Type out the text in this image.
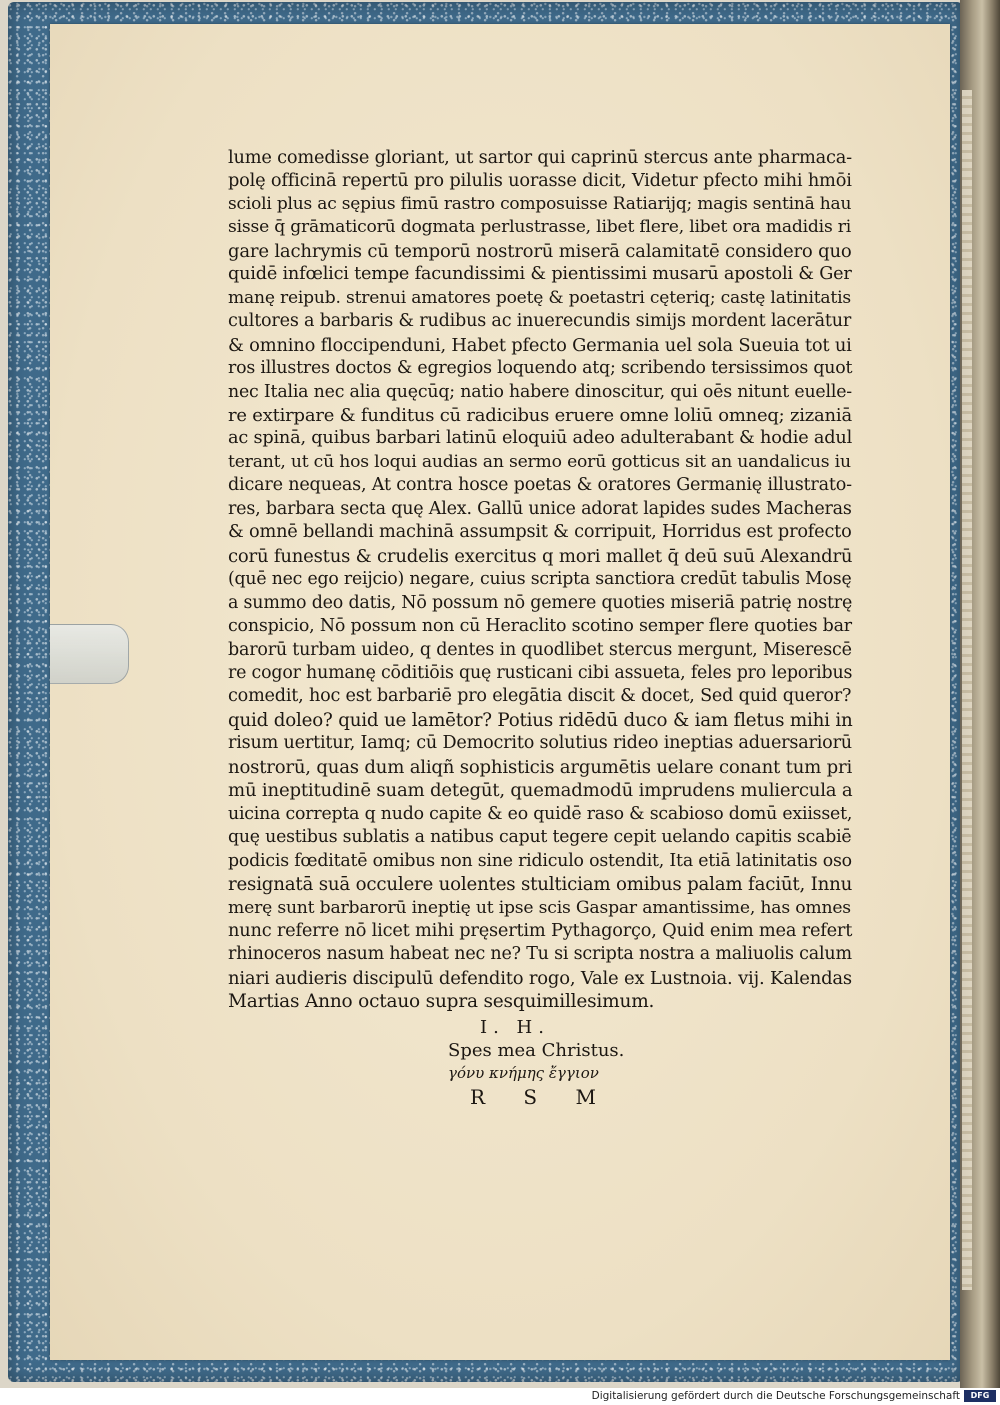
lume comedisse gloriant, ut sartor qui caprinū stercus ante pharmaca-
polę officinā repertū pro pilulis uorasse dicit, Videtur pfecto mihi hmōi
scioli plus ac sępius fimū rastro composuisse Ratiarijq; magis sentinā hau
sisse q̄ grāmaticorū dogmata perlustrasse, libet flere, libet ora madidis ri
gare lachrymis cū temporū nostrorū miserā calamitatē considero quo
quidē infœlici tempe facundissimi & pientissimi musarū apostoli & Ger
manę reipub. strenui amatores poetę & poetastri cęteriq; castę latinitatis
cultores a barbaris & rudibus ac inuerecundis simijs mordent lacerātur
& omnino floccipenduni, Habet pfecto Germania uel sola Sueuia tot ui
ros illustres doctos & egregios loquendo atq; scribendo tersissimos quot
nec Italia nec alia quęcūq; natio habere dinoscitur, qui oēs nitunt euelle-
re extirpare & funditus cū radicibus eruere omne loliū omneq; zizaniā
ac spinā, quibus barbari latinū eloquiū adeo adulterabant & hodie adul
terant, ut cū hos loqui audias an sermo eorū gotticus sit an uandalicus iu
dicare nequeas, At contra hosce poetas & oratores Germanię illustrato-
res, barbara secta quę Alex. Gallū unice adorat lapides sudes Macheras
& omnē bellandi machinā assumpsit & corripuit, Horridus est profecto
corū funestus & crudelis exercitus q mori mallet q̄ deū suū Alexandrū
(quē nec ego reijcio) negare, cuius scripta sanctiora credūt tabulis Mosę
a summo deo datis, Nō possum nō gemere quoties miseriā patrię nostrę
conspicio, Nō possum non cū Heraclito scotino semper flere quoties bar
barorū turbam uideo, q dentes in quodlibet stercus mergunt, Miserescē
re cogor humanę cōditiōis quę rusticani cibi assueta, feles pro leporibus
comedit, hoc est barbariē pro elegātia discit & docet, Sed quid queror?
quid doleo? quid ue lamētor? Potius ridēdū duco & iam fletus mihi in
risum uertitur, Iamq; cū Democrito solutius rideo ineptias aduersariorū
nostrorū, quas dum aliqñ sophisticis argumētis uelare conant tum pri
mū ineptitudinē suam detegūt, quemadmodū imprudens muliercula a
uicina correpta q nudo capite & eo quidē raso & scabioso domū exiisset,
quę uestibus sublatis a natibus caput tegere cepit uelando capitis scabiē
podicis fœditatē omibus non sine ridiculo ostendit, Ita etiā latinitatis oso
resignatā suā occulere uolentes stulticiam omibus palam faciūt, Innu
merę sunt barbarorū ineptię ut ipse scis Gaspar amantissime, has omnes
nunc referre nō licet mihi pręsertim Pythagorço, Quid enim mea refert
rhinoceros nasum habeat nec ne? Tu si scripta nostra a maliuolis calum
niari audieris discipulū defendito rogo, Vale ex Lustnoia. vij. Kalendas
Martias Anno octauo supra sesquimillesimum.
I. H.
Spes mea Christus.
γόνυ κνήμης ἔγγιον
R S M
Digitalisierung gefördert durch die Deutsche Forschungsgemeinschaft	DFG
